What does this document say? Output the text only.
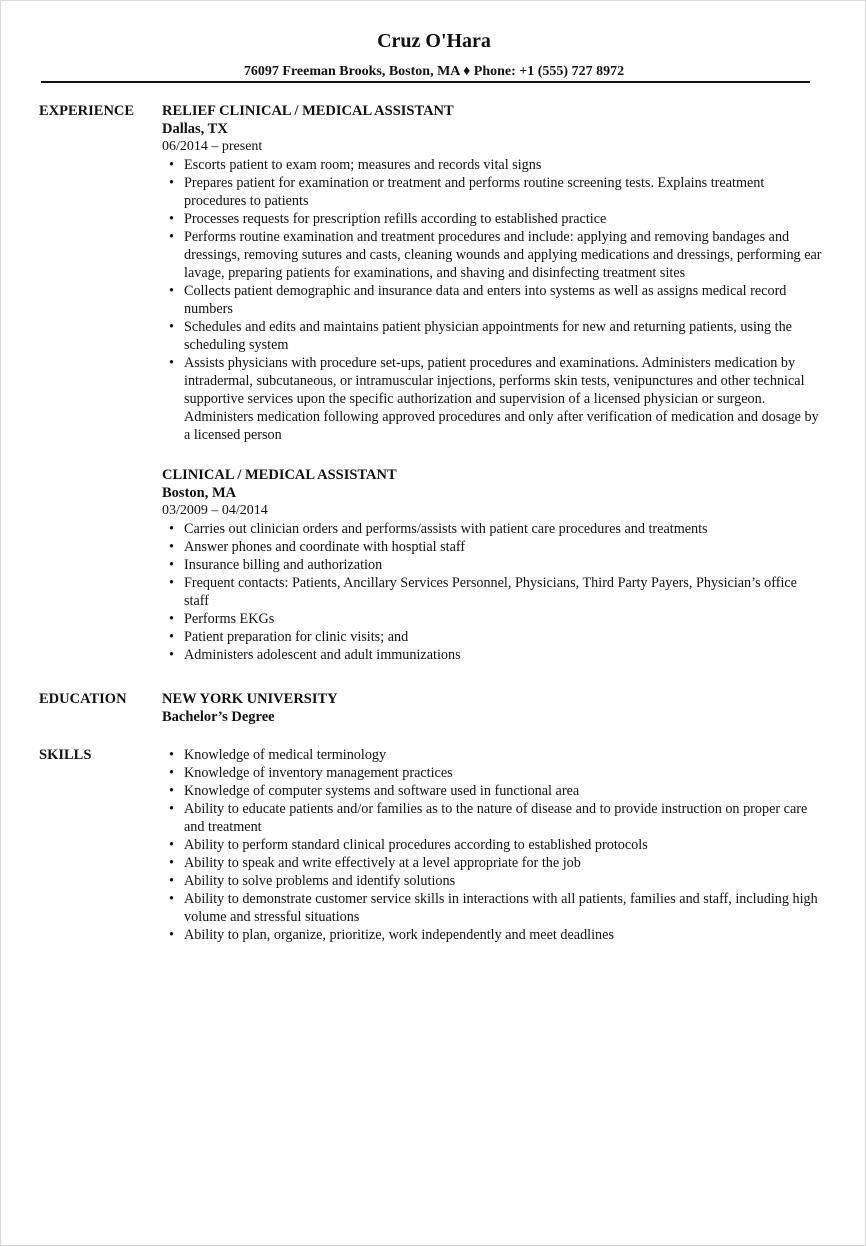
Cruz O'Hara
76097 Freeman Brooks, Boston, MA ♦ Phone: +1 (555) 727 8972
EXPERIENCE RELIEF CLINICAL / MEDICAL ASSISTANT
Dallas, TX
06/2014 – present
• Escorts patient to exam room; measures and records vital signs
• Prepares patient for examination or treatment and performs routine screening tests. Explains treatment procedures to patients
• Processes requests for prescription refills according to established practice
• Performs routine examination and treatment procedures and include: applying and removing bandages and dressings, removing sutures and casts, cleaning wounds and applying medications and dressings, performing ear lavage, preparing patients for examinations, and shaving and disinfecting treatment sites
• Collects patient demographic and insurance data and enters into systems as well as assigns medical record numbers
• Schedules and edits and maintains patient physician appointments for new and returning patients, using the scheduling system
• Assists physicians with procedure set-ups, patient procedures and examinations. Administers medication by intradermal, subcutaneous, or intramuscular injections, performs skin tests, venipunctures and other technical supportive services upon the specific authorization and supervision of a licensed physician or surgeon. Administers medication following approved procedures and only after verification of medication and dosage by a licensed person
CLINICAL / MEDICAL ASSISTANT
Boston, MA
03/2009 – 04/2014
• Carries out clinician orders and performs/assists with patient care procedures and treatments
• Answer phones and coordinate with hosptial staff
• Insurance billing and authorization
• Frequent contacts: Patients, Ancillary Services Personnel, Physicians, Third Party Payers, Physician’s office staff
• Performs EKGs
• Patient preparation for clinic visits; and
• Administers adolescent and adult immunizations
EDUCATION NEW YORK UNIVERSITY
Bachelor’s Degree
SKILLS	• Knowledge of medical terminology
• Knowledge of inventory management practices
• Knowledge of computer systems and software used in functional area
• Ability to educate patients and/or families as to the nature of disease and to provide instruction on proper care and treatment
• Ability to perform standard clinical procedures according to established protocols
• Ability to speak and write effectively at a level appropriate for the job
• Ability to solve problems and identify solutions
• Ability to demonstrate customer service skills in interactions with all patients, families and staff, including high volume and stressful situations
• Ability to plan, organize, prioritize, work independently and meet deadlines
